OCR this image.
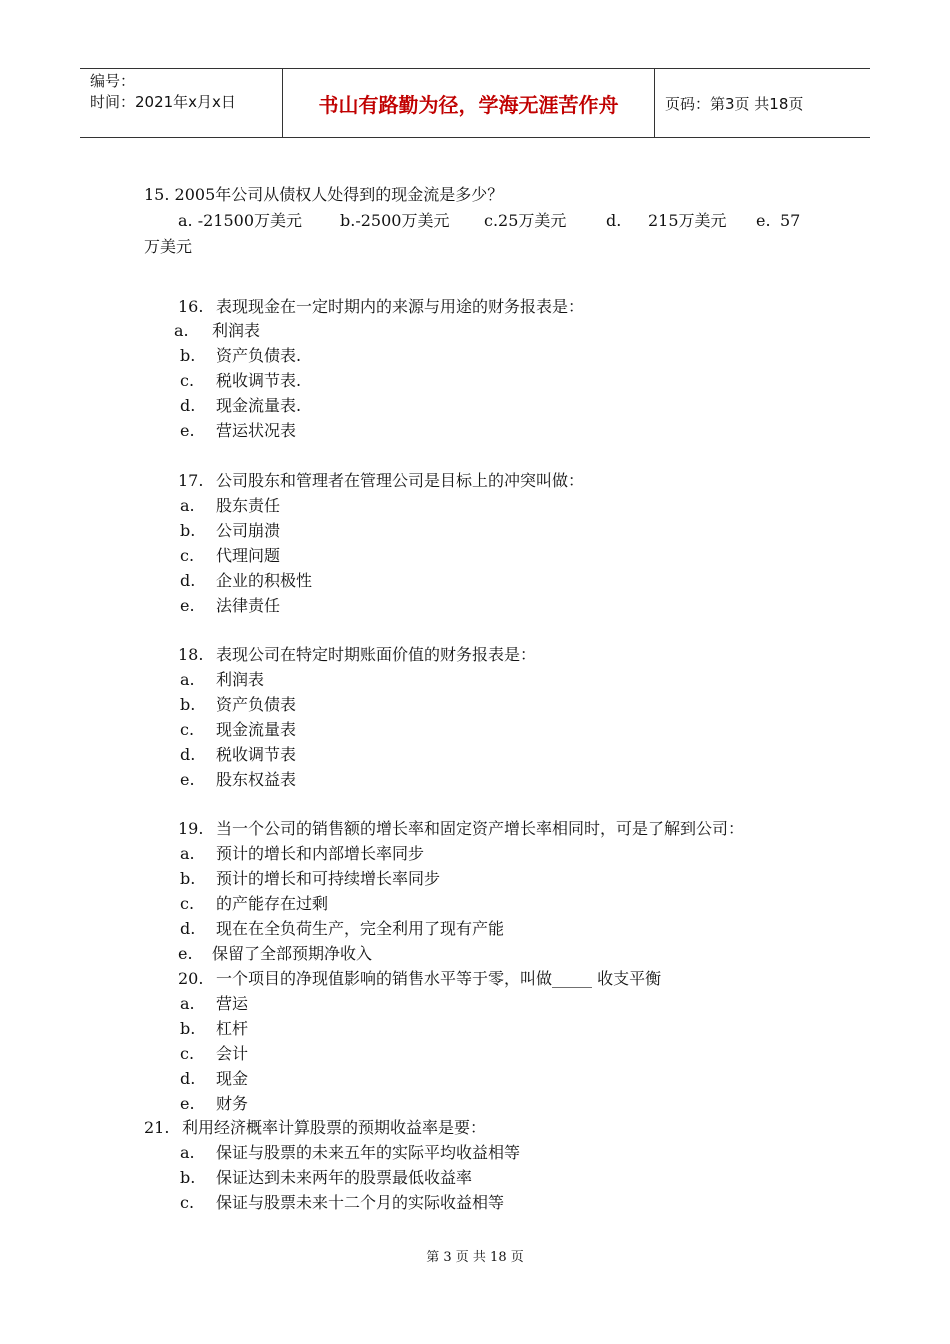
编号：
时间：2021年x月x日	书山有路勤为径，学海无涯苦作舟	页码：第3页 共18页
15. 2005年公司从债权人处得到的现金流是多少？
a. -21500万美元 b.-2500万美元 c.25万美元 d. 215万美元 e. 57
万美元
16. 表现现金在一定时期内的来源与用途的财务报表是：
a. 利润表
b. 资产负债表.
c. 税收调节表.
d. 现金流量表.
e. 营运状况表
17. 公司股东和管理者在管理公司是目标上的冲突叫做：
a. 股东责任
b. 公司崩溃
c. 代理问题
d. 企业的积极性
e. 法律责任
18. 表现公司在特定时期账面价值的财务报表是：
a. 利润表
b. 资产负债表
c. 现金流量表
d. 税收调节表
e. 股东权益表
19. 当一个公司的销售额的增长率和固定资产增长率相同时，可是了解到公司：
a. 预计的增长和内部增长率同步
b. 预计的增长和可持续增长率同步
c. 的产能存在过剩
d. 现在在全负荷生产，完全利用了现有产能
e. 保留了全部预期净收入
20. 一个项目的净现值影响的销售水平等于零，叫做_____ 收支平衡
a. 营运
b. 杠杆
c. 会计
d. 现金
e. 财务
21. 利用经济概率计算股票的预期收益率是要：
a. 保证与股票的未来五年的实际平均收益相等
b. 保证达到未来两年的股票最低收益率
c. 保证与股票未来十二个月的实际收益相等
第 3 页 共 18 页
